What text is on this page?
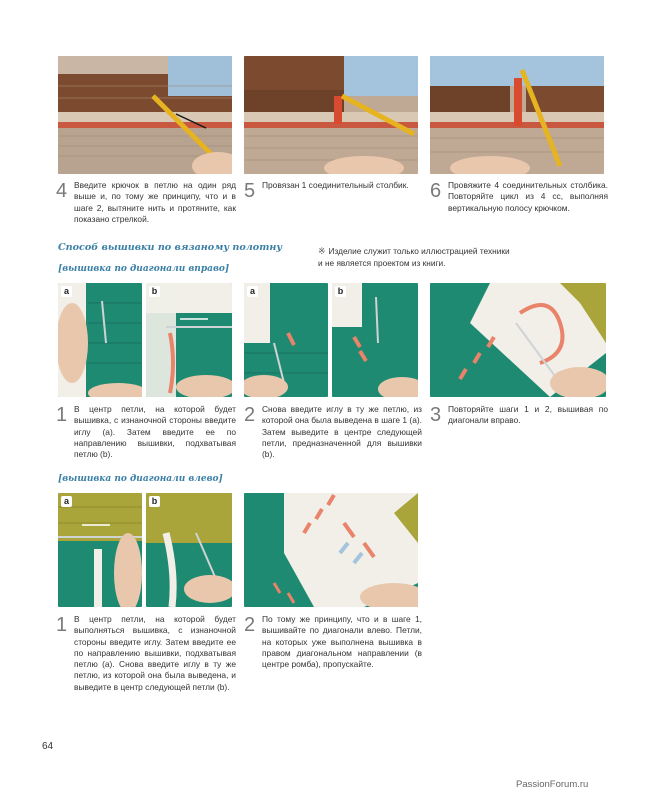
4 Введите крючок в петлю на один ряд выше и, по тому же принципу, что и в шаге 2, вытяните нить и протяните, как показано стрелкой.
5 Провязан 1 соединительный столбик. 6 Провяжите 4 соединительных столбика. Повторяйте цикл из 4 сс, выполняя вертикальную полосу крючком.
Способ вышивки по вязаному полотну	※ Изделие служит только иллюстрацией техники
и не является проектом из книги.
[вышивка по диагонали вправо]
a	b	a	b
1 В центр петли, на которой будет вышивка, с изнаночной стороны введите иглу (a). Затем введите ее по направлению вышивки, подхватывая петлю (b).
2 Снова введите иглу в ту же петлю, из которой она была выведена в шаге 1 (a). Затем выведите в центре следующей петли, предназначенной для вышивки (b).
3 Повторяйте шаги 1 и 2, вышивая по диагонали вправо.
[вышивка по диагонали влево]
a	b
1 В центр петли, на которой будет выполняться вышивка, с изнаночной стороны введите иглу. Затем введите ее по направлению вышивки, подхватывая петлю (a). Снова введите иглу в ту же петлю, из которой она была выведена, и выведите в центр следующей петли (b).
2 По тому же принципу, что и в шаге 1, вышивайте по диагонали влево. Петли, на которых уже выполнена вышивка в правом диагональном направлении (в центре ромба), пропускайте.
64
PassionForum.ru
